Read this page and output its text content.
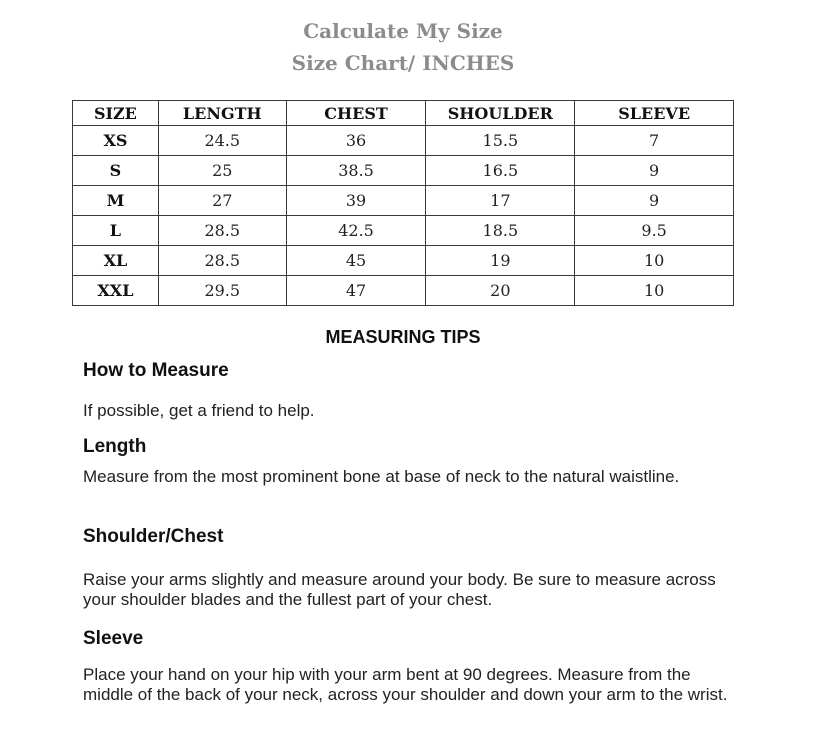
Calculate My Size
Size Chart/ INCHES
SIZE	LENGTH	CHEST	SHOULDER	SLEEVE
XS	24.5	36	15.5	7
S	25	38.5	16.5	9
M	27	39	17	9
L	28.5	42.5	18.5	9.5
XL	28.5	45	19	10
XXL	29.5	47	20	10
MEASURING TIPS
How to Measure

If possible, get a friend to help.

Length

Measure from the most prominent bone at base of neck to the natural waistline.

Shoulder/Chest

Raise your arms slightly and measure around your body. Be sure to measure across your shoulder blades and the fullest part of your chest.

Sleeve

Place your hand on your hip with your arm bent at 90 degrees. Measure from the middle of the back of your neck, across your shoulder and down your arm to the wrist.
